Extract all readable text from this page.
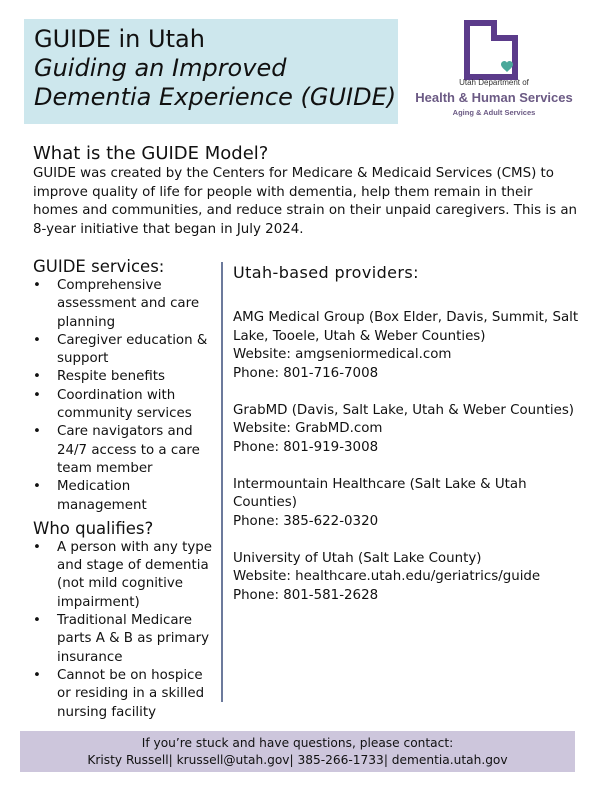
GUIDE in Utah
Guiding an Improved
Dementia Experience (GUIDE)
Utah Department of
Health & Human Services
Aging & Adult Services
What is the GUIDE Model?

GUIDE was created by the Centers for Medicare & Medicaid Services (CMS) to improve quality of life for people with dementia, help them remain in their homes and communities, and reduce strain on their unpaid caregivers. This is an 8-year initiative that began in July 2024.

GUIDE services:
• Comprehensive assessment and care planning
• Caregiver education & support
• Respite benefits
• Coordination with community services
• Care navigators and 24/7 access to a care team member
• Medication management
Who qualifies?
• A person with any type and stage of dementia (not mild cognitive impairment)
• Traditional Medicare parts A & B as primary insurance
• Cannot be on hospice or residing in a skilled nursing facility
Utah-based providers:
AMG Medical Group (Box Elder, Davis, Summit, Salt Lake, Tooele, Utah & Weber Counties)
Website: amgseniormedical.com
Phone: 801-716-7008
GrabMD (Davis, Salt Lake, Utah & Weber Counties)
Website: GrabMD.com
Phone: 801-919-3008
Intermountain Healthcare (Salt Lake & Utah Counties)
Phone: 385-622-0320
University of Utah (Salt Lake County)
Website: healthcare.utah.edu/geriatrics/guide
Phone: 801-581-2628
If you’re stuck and have questions, please contact:
Kristy Russell| krussell@utah.gov| 385-266-1733| dementia.utah.gov
